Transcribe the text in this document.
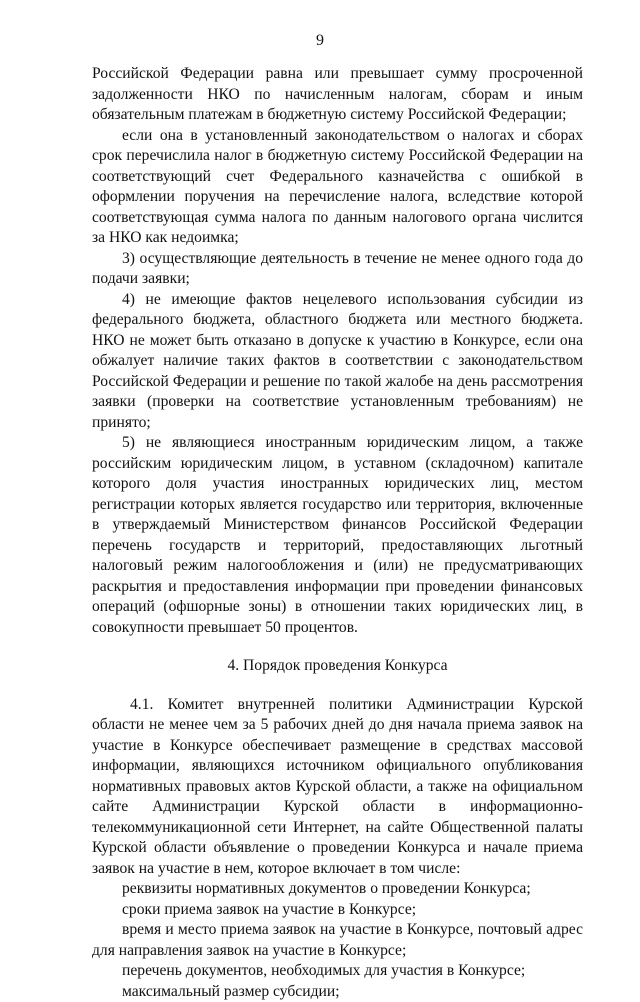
9

Российской Федерации равна или превышает сумму просроченной задолженности НКО по начисленным налогам, сборам и иным обязательным платежам в бюджетную систему Российской Федерации;

если она в установленный законодательством о налогах и сборах срок перечислила налог в бюджетную систему Российской Федерации на соответствующий счет Федерального казначейства с ошибкой в оформлении поручения на перечисление налога, вследствие которой соответствующая сумма налога по данным налогового органа числится за НКО как недоимка;

3) осуществляющие деятельность в течение не менее одного года до подачи заявки;

4) не имеющие фактов нецелевого использования субсидии из федерального бюджета, областного бюджета или местного бюджета. НКО не может быть отказано в допуске к участию в Конкурсе, если она обжалует наличие таких фактов в соответствии с законодательством Российской Федерации и решение по такой жалобе на день рассмотрения заявки (проверки на соответствие установленным требованиям) не принято;

5) не являющиеся иностранным юридическим лицом, а также российским юридическим лицом, в уставном (складочном) капитале которого доля участия иностранных юридических лиц, местом регистрации которых является государство или территория, включенные в утверждаемый Министерством финансов Российской Федерации перечень государств и территорий, предоставляющих льготный налоговый режим налогообложения и (или) не предусматривающих раскрытия и предоставления информации при проведении финансовых операций (офшорные зоны) в отношении таких юридических лиц, в совокупности превышает 50 процентов.

4. Порядок проведения Конкурса

4.1. Комитет внутренней политики Администрации Курской области не менее чем за 5 рабочих дней до дня начала приема заявок на участие в Конкурсе обеспечивает размещение в средствах массовой информации, являющихся источником официального опубликования нормативных правовых актов Курской области, а также на официальном сайте Администрации Курской области в информационно-телекоммуникационной сети Интернет, на сайте Общественной палаты Курской области объявление о проведении Конкурса и начале приема заявок на участие в нем, которое включает в том числе:

реквизиты нормативных документов о проведении Конкурса;

сроки приема заявок на участие в Конкурсе;

время и место приема заявок на участие в Конкурсе, почтовый адрес для направления заявок на участие в Конкурсе;

перечень документов, необходимых для участия в Конкурсе;

максимальный размер субсидии;
